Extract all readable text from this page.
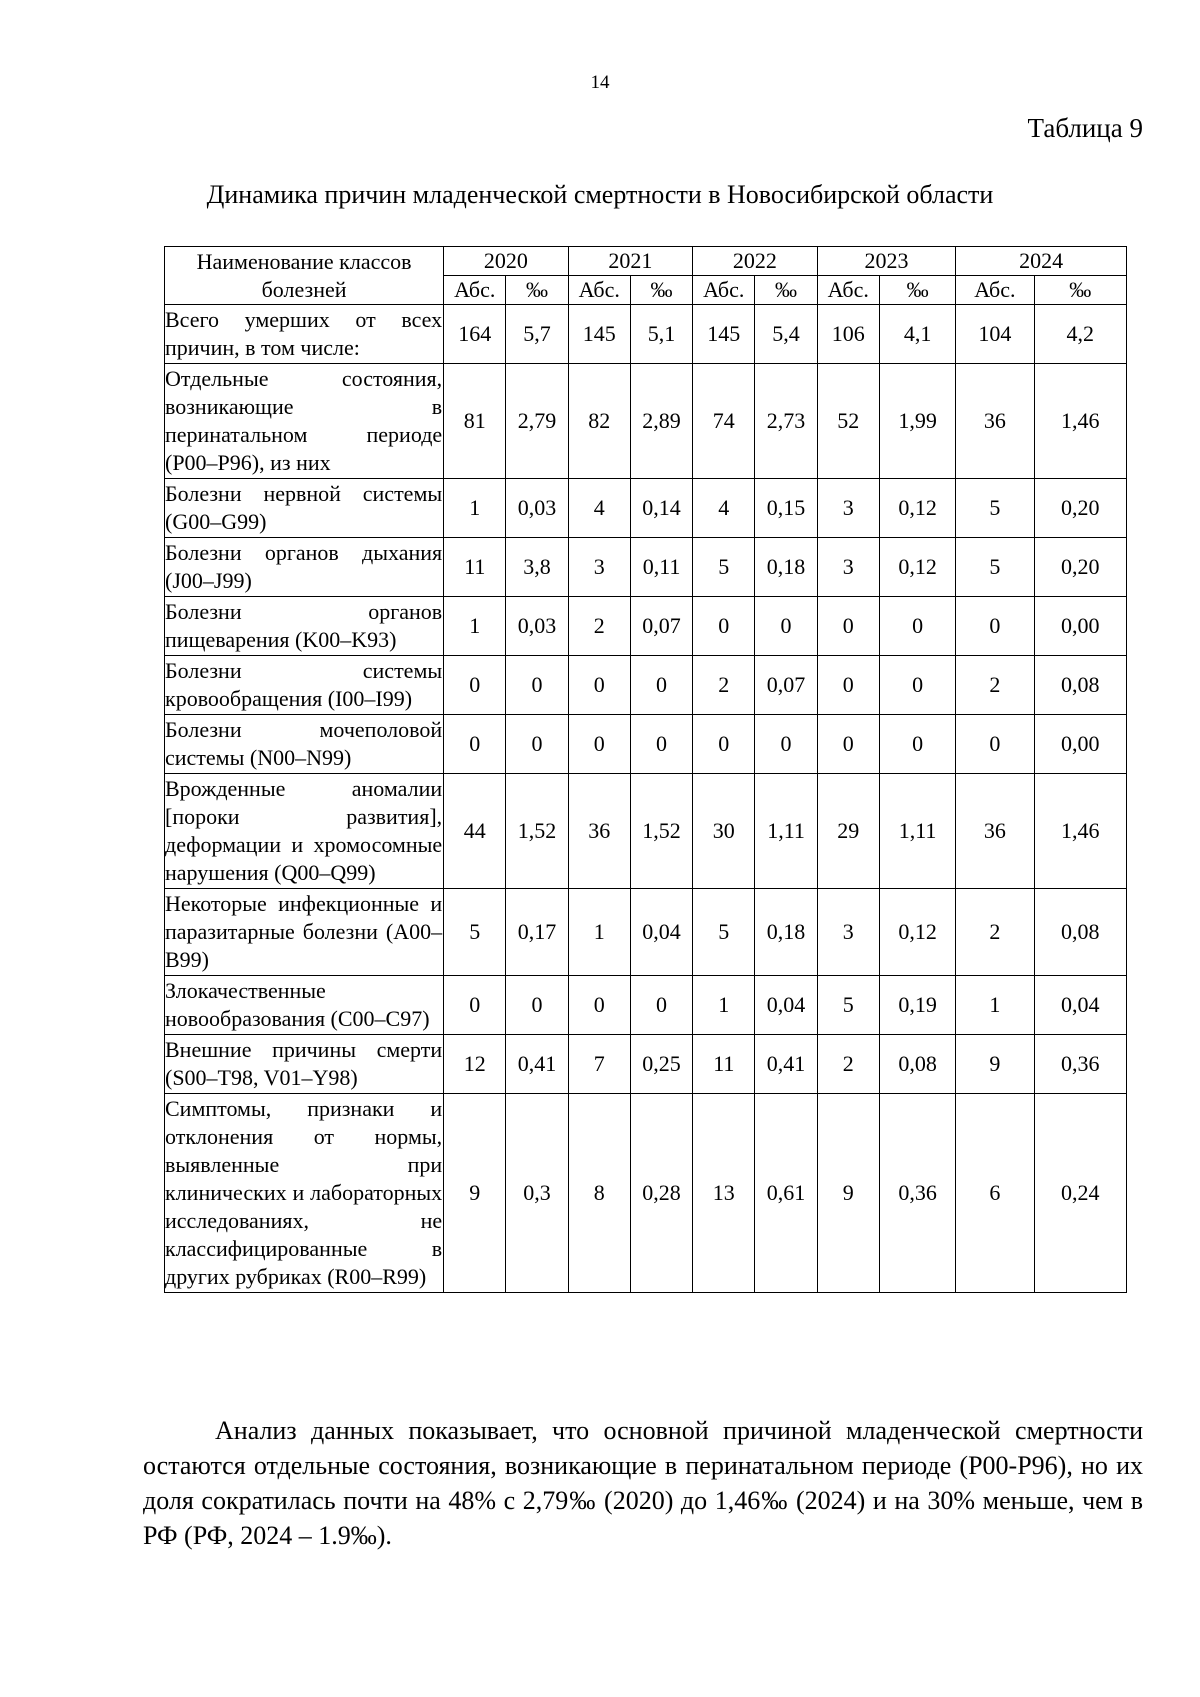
14
Таблица 9
Динамика причин младенческой смертности в Новосибирской области
Наименование классов болезней	2020		2021		2022		2023		2024	
	Абс.	‰	Абс.	‰	Абс.	‰	Абс.	‰	Абс.	‰
Всего умерших от всех причин, в том числе:	164	5,7	145	5,1	145	5,4	106	4,1	104	4,2
Отдельные состояния, возникающие в перинатальном периоде (P00–P96), из них	81	2,79	82	2,89	74	2,73	52	1,99	36	1,46
Болезни нервной системы (G00–G99)	1	0,03	4	0,14	4	0,15	3	0,12	5	0,20
Болезни органов дыхания (J00–J99)	11	3,8	3	0,11	5	0,18	3	0,12	5	0,20
Болезни органов пищеварения (K00–K93)	1	0,03	2	0,07	0	0	0	0	0	0,00
Болезни системы кровообращения (I00–I99)	0	0	0	0	2	0,07	0	0	2	0,08
Болезни мочеполовой системы (N00–N99)	0	0	0	0	0	0	0	0	0	0,00
Врожденные аномалии [пороки развития], деформации и хромосомные нарушения (Q00–Q99)	44	1,52	36	1,52	30	1,11	29	1,11	36	1,46
Некоторые инфекционные и паразитарные болезни (A00–B99)	5	0,17	1	0,04	5	0,18	3	0,12	2	0,08
Злокачественные новообразования (C00–C97)	0	0	0	0	1	0,04	5	0,19	1	0,04
Внешние причины смерти (S00–T98, V01–Y98)	12	0,41	7	0,25	11	0,41	2	0,08	9	0,36
Симптомы, признаки и отклонения от нормы, выявленные при клинических и лабораторных исследованиях, не классифицированные в других рубриках (R00–R99)	9	0,3	8	0,28	13	0,61	9	0,36	6	0,24

Анализ данных показывает, что основной причиной младенческой смертности остаются отдельные состояния, возникающие в перинатальном периоде (P00-P96), но их доля сократилась почти на 48% с 2,79‰ (2020) до 1,46‰ (2024) и на 30% меньше, чем в РФ (РФ, 2024 – 1.9‰).
